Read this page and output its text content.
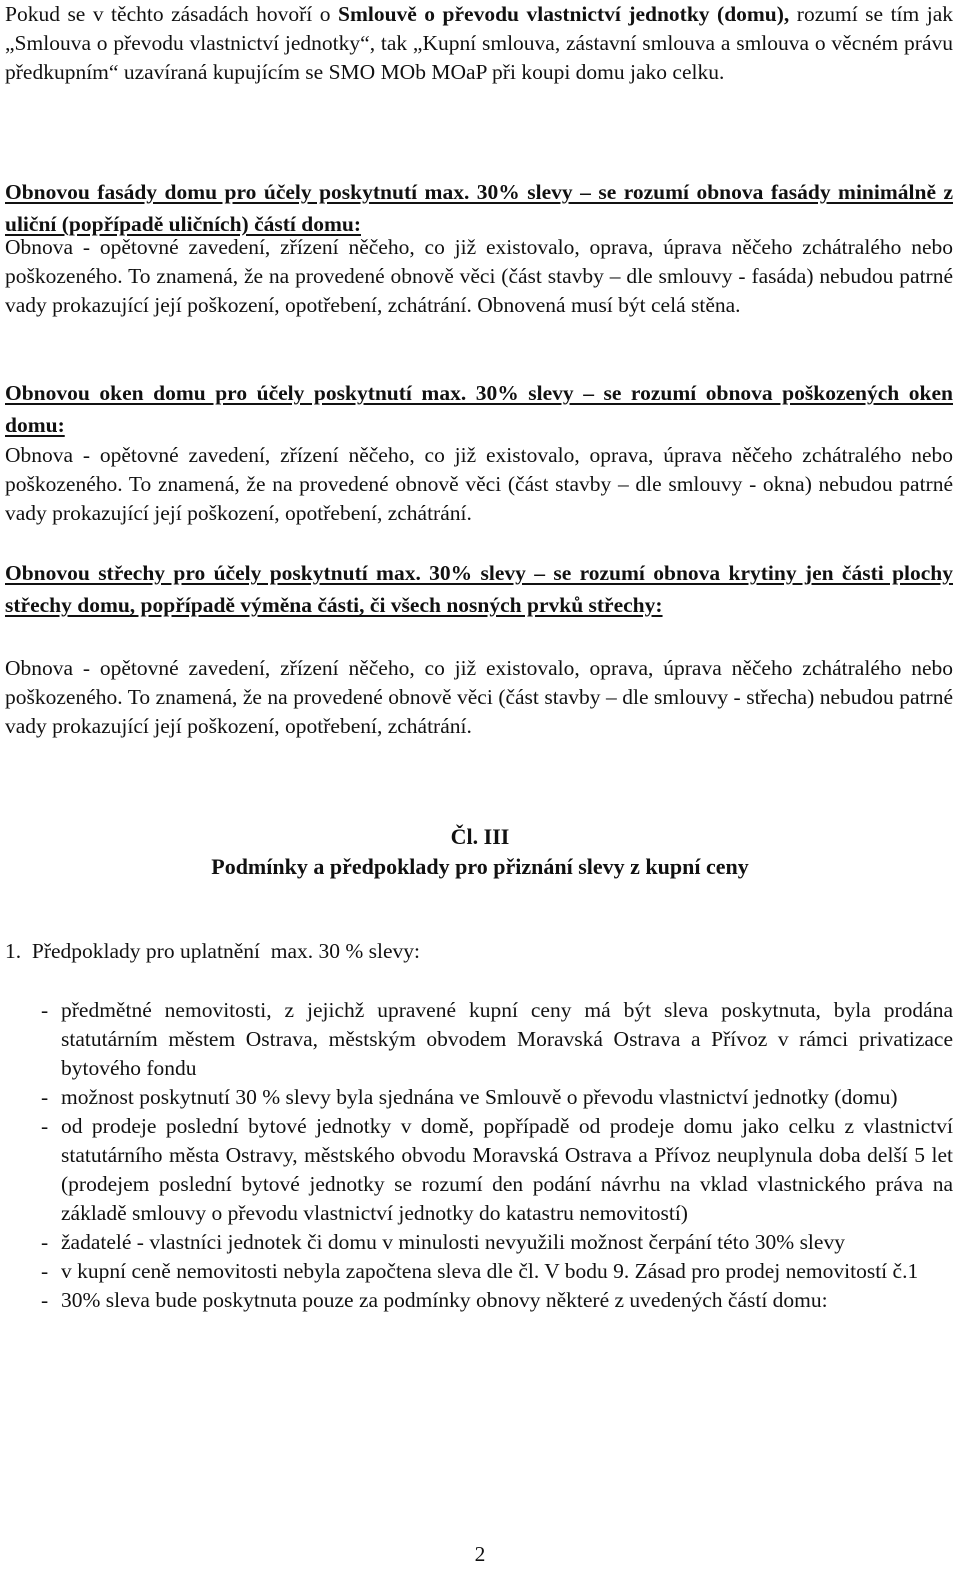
Pokud se v těchto zásadách hovoří o Smlouvě o převodu vlastnictví jednotky (domu), rozumí se tím jak „Smlouva o převodu vlastnictví jednotky“, tak „Kupní smlouva, zástavní smlouva a smlouva o věcném právu předkupním“ uzavíraná kupujícím se SMO MOb MOaP při koupi domu jako celku.
Obnovou fasády domu pro účely poskytnutí max. 30% slevy – se rozumí obnova fasády minimálně z uliční (popřípadě uličních) částí domu:
Obnova - opětovné zavedení, zřízení něčeho, co již existovalo, oprava, úprava něčeho zchátralého nebo poškozeného. To znamená, že na provedené obnově věci (část stavby – dle smlouvy - fasáda) nebudou patrné vady prokazující její poškození, opotřebení, zchátrání. Obnovená musí být celá stěna.
Obnovou oken domu pro účely poskytnutí max. 30% slevy – se rozumí obnova poškozených oken domu:
Obnova - opětovné zavedení, zřízení něčeho, co již existovalo, oprava, úprava něčeho zchátralého nebo poškozeného. To znamená, že na provedené obnově věci (část stavby – dle smlouvy - okna) nebudou patrné vady prokazující její poškození, opotřebení, zchátrání.
Obnovou střechy pro účely poskytnutí max. 30% slevy – se rozumí obnova krytiny jen části plochy střechy domu, popřípadě výměna části, či všech nosných prvků střechy:
Obnova - opětovné zavedení, zřízení něčeho, co již existovalo, oprava, úprava něčeho zchátralého nebo poškozeného. To znamená, že na provedené obnově věci (část stavby – dle smlouvy - střecha) nebudou patrné vady prokazující její poškození, opotřebení, zchátrání.
Čl. III
Podmínky a předpoklady pro přiznání slevy z kupní ceny
1.  Předpoklady pro uplatnění  max. 30 % slevy:
- předmětné nemovitosti, z jejichž upravené kupní ceny má být sleva poskytnuta, byla prodána statutárním městem Ostrava, městským obvodem Moravská Ostrava a Přívoz v rámci privatizace bytového fondu
- možnost poskytnutí 30 % slevy byla sjednána ve Smlouvě o převodu vlastnictví jednotky (domu)
- od prodeje poslední bytové jednotky v domě, popřípadě od prodeje domu jako celku z vlastnictví statutárního města Ostravy, městského obvodu Moravská Ostrava a Přívoz neuplynula doba delší 5 let (prodejem poslední bytové jednotky se rozumí den podání návrhu na vklad vlastnického práva na základě smlouvy o převodu vlastnictví jednotky do katastru nemovitostí)
- žadatelé - vlastníci jednotek či domu v minulosti nevyužili možnost čerpání této 30% slevy
- v kupní ceně nemovitosti nebyla započtena sleva dle čl. V bodu 9. Zásad pro prodej nemovitostí č.1
- 30% sleva bude poskytnuta pouze za podmínky obnovy některé z uvedených částí domu:
2
